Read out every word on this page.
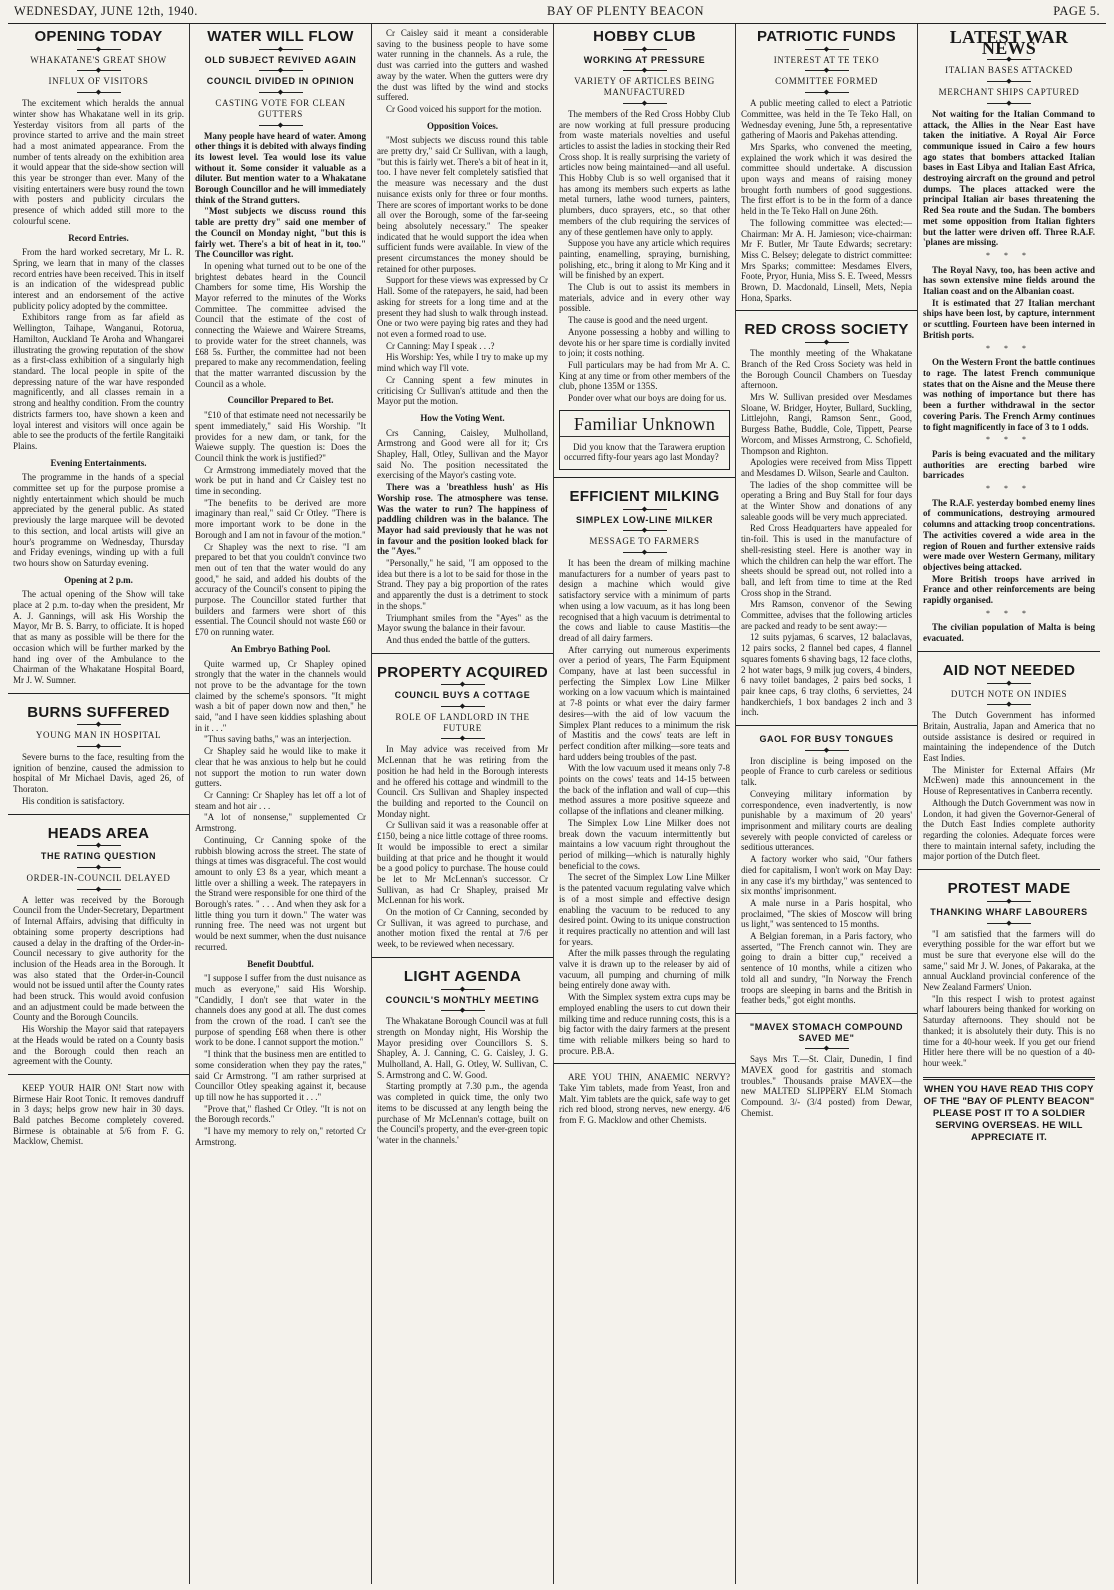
WEDNESDAY, JUNE 12th, 1940.	BAY OF PLENTY BEACON	PAGE 5.
OPENING TODAY
◆
WHAKATANE'S GREAT SHOW
◆
INFLUX OF VISITORS
◆

The excitement which heralds the annual winter show has Whakatane well in its grip. Yesterday visitors from all parts of the province started to arrive and the main street had a most animated appearance. From the number of tents already on the exhibition area it would appear that the side-show section will this year be stronger than ever. Many of the visiting entertainers were busy round the town with posters and publicity circulars the presence of which added still more to the colourful scene.

Record Entries.

From the hard worked secretary, Mr L. R. Spring, we learn that in many of the classes record entries have been received. This in itself is an indication of the widespread public interest and an endorsement of the active publicity policy adopted by the committee.

Exhibitors range from as far afield as Wellington, Taihape, Wanganui, Rotorua, Hamilton, Auckland Te Aroha and Whangarei illustrating the growing reputation of the show as a first-class exhibition of a singularly high standard. The local people in spite of the depressing nature of the war have responded magnificently, and all classes remain in a strong and healthy condition. From the country districts farmers too, have shown a keen and loyal interest and visitors will once again be able to see the products of the fertile Rangitaiki Plains.

Evening Entertainments.

The programme in the hands of a special committee set up for the purpose promise a nightly entertainment which should be much appreciated by the general public. As stated previously the large marquee will be devoted to this section, and local artists will give an hour's programme on Wednesday, Thursday and Friday evenings, winding up with a full two hours show on Saturday evening.

Opening at 2 p.m.

The actual opening of the Show will take place at 2 p.m. to-day when the president, Mr A. J. Gannings, will ask His Worship the Mayor, Mr B. S. Barry, to officiate. It is hoped that as many as possible will be there for the occasion which will be further marked by the hand ing over of the Ambulance to the Chairman of the Whakatane Hospital Board, Mr J. W. Sumner.

BURNS SUFFERED
◆
YOUNG MAN IN HOSPITAL
◆

Severe burns to the face, resulting from the ignition of benzine, caused the admission to hospital of Mr Michael Davis, aged 26, of Thoraton.

His condition is satisfactory.

HEADS AREA
◆
THE RATING QUESTION
◆
ORDER-IN-COUNCIL DELAYED
◆

A letter was received by the Borough Council from the Under-Secretary, Department of Internal Affairs, advising that difficulty in obtaining some property descriptions had caused a delay in the drafting of the Order-in-Council necessary to give authority for the inclusion of the Heads area in the Borough. It was also stated that the Order-in-Council would not be issued until after the County rates had been struck. This would avoid confusion and an adjustment could be made between the County and the Borough Councils.

His Worship the Mayor said that ratepayers at the Heads would be rated on a County basis and the Borough could then reach an agreement with the County.

KEEP YOUR HAIR ON! Start now with Birmese Hair Root Tonic. It removes dandruff in 3 days; helps grow new hair in 30 days. Bald patches Become completely covered. Birmese is obtainable at 5/6 from F. G. Macklow, Chemist.

WATER WILL FLOW
◆
OLD SUBJECT REVIVED AGAIN
◆
COUNCIL DIVIDED IN OPINION
◆
CASTING VOTE FOR CLEAN GUTTERS
◆

Many people have heard of water. Among other things it is debited with always finding its lowest level. Tea would lose its value without it. Some consider it valuable as a diluter. But mention water to a Whakatane Borough Councillor and he will immediately think of the Strand gutters.

"Most subjects we discuss round this table are pretty dry" said one member of the Council on Monday night, "but this is fairly wet. There's a bit of heat in it, too." The Councillor was right.

In opening what turned out to be one of the brightest debates heard in the Council Chambers for some time, His Worship the Mayor referred to the minutes of the Works Committee. The committee advised the Council that the estimate of the cost of connecting the Waiewe and Wairere Streams, to provide water for the street channels, was £68 5s. Further, the committee had not been prepared to make any recommendation, feeling that the matter warranted discussion by the Council as a whole.

Councillor Prepared to Bet.

"£10 of that estimate need not necessarily be spent immediately," said His Worship. "It provides for a new dam, or tank, for the Waiewe supply. The question is: Does the Council think the work is justified?"

Cr Armstrong immediately moved that the work be put in hand and Cr Caisley test no time in seconding.

"The benefits to be derived are more imaginary than real," said Cr Otley. "There is more important work to be done in the Borough and I am not in favour of the motion."

Cr Shapley was the next to rise. "I am prepared to bet that you couldn't convince two men out of ten that the water would do any good," he said, and added his doubts of the accuracy of the Council's consent to piping the purpose. The Councillor stated further that builders and farmers were short of this essential. The Council should not waste £60 or £70 on running water.

An Embryo Bathing Pool.

Quite warmed up, Cr Shapley opined strongly that the water in the channels would not prove to be the advantage for the town claimed by the scheme's sponsors. "It might wash a bit of paper down now and then," he said, "and I have seen kiddies splashing about in it . . ."

"Thus saving baths," was an interjection.

Cr Shapley said he would like to make it clear that he was anxious to help but he could not support the motion to run water down gutters.

Cr Canning: Cr Shapley has let off a lot of steam and hot air . . .

"A lot of nonsense," supplemented Cr Armstrong.

Continuing, Cr Canning spoke of the rubbish blowing across the street. The state of things at times was disgraceful. The cost would amount to only £3 8s a year, which meant a little over a shilling a week. The ratepayers in the Strand were responsible for one third of the Borough's rates. " . . . And when they ask for a little thing you turn it down." The water was running free. The need was not urgent but would be next summer, when the dust nuisance recurred.

Benefit Doubtful.

"I suppose I suffer from the dust nuisance as much as everyone," said His Worship. "Candidly, I don't see that water in the channels does any good at all. The dust comes from the crown of the road. I can't see the purpose of spending £68 when there is other work to be done. I cannot support the motion."

"I think that the business men are entitled to some consideration when they pay the rates," said Cr Armstrong. "I am rather surprised at Councillor Otley speaking against it, because up till now he has supported it . . ."

"Prove that," flashed Cr Otley. "It is not on the Borough records."

"I have my memory to rely on," retorted Cr Armstrong.

Cr Caisley said it meant a considerable saving to the business people to have some water running in the channels. As a rule, the dust was carried into the gutters and washed away by the water. When the gutters were dry the dust was lifted by the wind and stocks suffered.

Cr Good voiced his support for the motion.

Opposition Voices.

"Most subjects we discuss round this table are pretty dry," said Cr Sullivan, with a laugh, "but this is fairly wet. There's a bit of heat in it, too. I have never felt completely satisfied that the measure was necessary and the dust nuisance exists only for three or four months. There are scores of important works to be done all over the Borough, some of the far-seeing being absolutely necessary." The speaker indicated that he would support the idea when sufficient funds were available. In view of the present circumstances the money should be retained for other purposes.

Support for these views was expressed by Cr Hall. Some of the ratepayers, he said, had been asking for streets for a long time and at the present they had slush to walk through instead. One or two were paying big rates and they had not even a formed road to use.

Cr Canning: May I speak . . .?

His Worship: Yes, while I try to make up my mind which way I'll vote.

Cr Canning spent a few minutes in criticising Cr Sullivan's attitude and then the Mayor put the motion.

How the Voting Went.

Crs Canning, Caisley, Mulholland, Armstrong and Good were all for it; Crs Shapley, Hall, Otley, Sullivan and the Mayor said No. The position necessitated the exercising of the Mayor's casting vote.

There was a 'breathless hush' as His Worship rose. The atmosphere was tense. Was the water to run? The happiness of paddling children was in the balance. The Mayor had said previously that he was not in favour and the position looked black for the "Ayes."

"Personally," he said, "I am opposed to the idea but there is a lot to be said for those in the Strand. They pay a big proportion of the rates and apparently the dust is a detriment to stock in the shops."

Triumphant smiles from the "Ayes" as the Mayor swung the balance in their favour.

And thus ended the battle of the gutters.

PROPERTY ACQUIRED
◆
COUNCIL BUYS A COTTAGE
◆
ROLE OF LANDLORD IN THE FUTURE
◆

In May advice was received from Mr McLennan that he was retiring from the position he had held in the Borough interests and he offered his cottage and windmill to the Council. Crs Sullivan and Shapley inspected the building and reported to the Council on Monday night.

Cr Sullivan said it was a reasonable offer at £150, being a nice little cottage of three rooms. It would be impossible to erect a similar building at that price and he thought it would be a good policy to purchase. The house could be let to Mr McLennan's successor. Cr Sullivan, as had Cr Shapley, praised Mr McLennan for his work.

On the motion of Cr Canning, seconded by Cr Sullivan, it was agreed to purchase, and another motion fixed the rental at 7/6 per week, to be reviewed when necessary.

LIGHT AGENDA
◆
COUNCIL'S MONTHLY MEETING
◆

The Whakatane Borough Council was at full strength on Monday night, His Worship the Mayor presiding over Councillors S. S. Shapley, A. J. Canning, C. G. Caisley, J. G. Mulholland, A. Hall, G. Otley, W. Sullivan, C. S. Armstrong and C. W. Good.

Starting promptly at 7.30 p.m., the agenda was completed in quick time, the only two items to be discussed at any length being the purchase of Mr McLennan's cottage, built on the Council's property, and the ever-green topic 'water in the channels.'

HOBBY CLUB
◆
WORKING AT PRESSURE
◆
VARIETY OF ARTICLES BEING MANUFACTURED
◆

The members of the Red Cross Hobby Club are now working at full pressure producing from waste materials novelties and useful articles to assist the ladies in stocking their Red Cross shop. It is really surprising the variety of articles now being maintained—and all useful. This Hobby Club is so well organised that it has among its members such experts as lathe metal turners, lathe wood turners, painters, plumbers, duco sprayers, etc., so that other members of the club requiring the services of any of these gentlemen have only to apply.

Suppose you have any article which requires painting, enamelling, spraying, burnishing, polishing, etc., bring it along to Mr King and it will be finished by an expert.

The Club is out to assist its members in materials, advice and in every other way possible.

The cause is good and the need urgent.

Anyone possessing a hobby and willing to devote his or her spare time is cordially invited to join; it costs nothing.

Full particulars may be had from Mr A. C. King at any time or from other members of the club, phone 135M or 135S.

Ponder over what our boys are doing for us.

Familiar Unknown

Did you know that the Tarawera eruption occurred fifty-four years ago last Monday?

EFFICIENT MILKING
◆
SIMPLEX LOW-LINE MILKER
◆
MESSAGE TO FARMERS
◆

It has been the dream of milking machine manufacturers for a number of years past to design a machine which would give satisfactory service with a minimum of parts when using a low vacuum, as it has long been recognised that a high vacuum is detrimental to the cows and liable to cause Mastitis—the dread of all dairy farmers.

After carrying out numerous experiments over a period of years, The Farm Equipment Company, have at last been successful in perfecting the Simplex Low Line Milker working on a low vacuum which is maintained at 7-8 points or what ever the dairy farmer desires—with the aid of low vacuum the Simplex Plant reduces to a minimum the risk of Mastitis and the cows' teats are left in perfect condition after milking—sore teats and hard udders being troubles of the past.

With the low vacuum used it means only 7-8 points on the cows' teats and 14-15 between the back of the inflation and wall of cup—this method assures a more positive squeeze and collapse of the inflations and cleaner milking.

The Simplex Low Line Milker does not break down the vacuum intermittently but maintains a low vacuum right throughout the period of milking—which is naturally highly beneficial to the cows.

The secret of the Simplex Low Line Milker is the patented vacuum regulating valve which is of a most simple and effective design enabling the vacuum to be reduced to any desired point. Owing to its unique construction it requires practically no attention and will last for years.

After the milk passes through the regulating valve it is drawn up to the releaser by aid of vacuum, all pumping and churning of milk being entirely done away with.

With the Simplex system extra cups may be employed enabling the users to cut down their milking time and reduce running costs, this is a big factor with the dairy farmers at the present time with reliable milkers being so hard to procure. P.B.A.

ARE YOU THIN, ANAEMIC NERVY? Take Yim tablets, made from Yeast, Iron and Malt. Yim tablets are the quick, safe way to get rich red blood, strong nerves, new energy. 4/6 from F. G. Macklow and other Chemists.

PATRIOTIC FUNDS
◆
INTEREST AT TE TEKO
◆
COMMITTEE FORMED
◆

A public meeting called to elect a Patriotic Committee, was held in the Te Teko Hall, on Wednesday evening, June 5th, a representative gathering of Maoris and Pakehas attending.

Mrs Sparks, who convened the meeting, explained the work which it was desired the committee should undertake. A discussion upon ways and means of raising money brought forth numbers of good suggestions. The first effort is to be in the form of a dance held in the Te Teko Hall on June 26th.

The following committee was elected:—Chairman: Mr A. H. Jamieson; vice-chairman: Mr F. Butler, Mr Taute Edwards; secretary: Miss C. Belsey; delegate to district committee: Mrs Sparks; committee: Mesdames Elvers, Foote, Pryor, Hunia, Miss S. E. Tweed, Messrs Brown, D. Macdonald, Linsell, Mets, Nepia Hona, Sparks.

RED CROSS SOCIETY
◆

The monthly meeting of the Whakatane Branch of the Red Cross Society was held in the Borough Council Chambers on Tuesday afternoon.

Mrs W. Sullivan presided over Mesdames Sloane, W. Bridger, Hoyter, Bullard, Suckling, Littlejohn, Rangi, Ramson Senr., Good, Burgess Bathe, Buddle, Cole, Tippett, Pearse Worcom, and Misses Armstrong, C. Schofield, Thompson and Righton.

Apologies were received from Miss Tippett and Mesdames D. Wilson, Searle and Caulton.

The ladies of the shop committee will be operating a Bring and Buy Stall for four days at the Winter Show and donations of any saleable goods will be very much appreciated.

Red Cross Headquarters have appealed for tin-foil. This is used in the manufacture of shell-resisting steel. Here is another way in which the children can help the war effort. The sheets should be spread out, not rolled into a ball, and left from time to time at the Red Cross shop in the Strand.

Mrs Ramson, convenor of the Sewing Committee, advises that the following articles are packed and ready to be sent away:—

12 suits pyjamas, 6 scarves, 12 balaclavas, 12 pairs socks, 2 flannel bed capes, 4 flannel squares foments 6 shaving bags, 12 face cloths, 2 hot water bags, 9 milk jug covers, 4 binders, 6 navy toilet bandages, 2 pairs bed socks, 1 pair knee caps, 6 tray cloths, 6 serviettes, 24 handkerchiefs, 1 box bandages 2 inch and 3 inch.

GAOL FOR BUSY TONGUES
◆

Iron discipline is being imposed on the people of France to curb careless or seditious talk.

Conveying military information by correspondence, even inadvertently, is now punishable by a maximum of 20 years' imprisonment and military courts are dealing severely with people convicted of careless or seditious utterances.

A factory worker who said, "Our fathers died for capitalism, I won't work on May Day: in any case it's my birthday," was sentenced to six months' imprisonment.

A male nurse in a Paris hospital, who proclaimed, "The skies of Moscow will bring us light," was sentenced to 15 months.

A Belgian foreman, in a Paris factory, who asserted, "The French cannot win. They are going to drain a bitter cup," received a sentence of 10 months, while a citizen who told all and sundry, "In Norway the French troops are sleeping in barns and the British in feather beds," got eight months.

"MAVEX STOMACH COMPOUND SAVED ME"
◆

Says Mrs T.—St. Clair, Dunedin, I find MAVEX good for gastritis and stomach troubles." Thousands praise MAVEX—the new MALTED SLIPPERY ELM Stomach Compound. 3/- (3/4 posted) from Dewar, Chemist.

LATEST WAR NEWS
◆
ITALIAN BASES ATTACKED
◆
MERCHANT SHIPS CAPTURED
◆

Not waiting for the Italian Command to attack, the Allies in the Near East have taken the initiative. A Royal Air Force communique issued in Cairo a few hours ago states that bombers attacked Italian bases in East Libya and Italian East Africa, destroying aircraft on the ground and petrol dumps. The places attacked were the principal Italian air bases threatening the Red Sea route and the Sudan. The bombers met some opposition from Italian fighters but the latter were driven off. Three R.A.F. 'planes are missing.

* * *

The Royal Navy, too, has been active and has sown extensive mine fields around the Italian coast and on the Albanian coast.

It is estimated that 27 Italian merchant ships have been lost, by capture, internment or scuttling. Fourteen have been interned in British ports.

* * *

On the Western Front the battle continues to rage. The latest French communique states that on the Aisne and the Meuse there was nothing of importance but there has been a further withdrawal in the sector covering Paris. The French Army continues to fight magnificently in face of 3 to 1 odds.

* * *

Paris is being evacuated and the military authorities are erecting barbed wire barricades

* * *

The R.A.F. yesterday bombed enemy lines of communications, destroying armoured columns and attacking troop concentrations. The activities covered a wide area in the region of Rouen and further extensive raids were made over Western Germany, military objectives being attacked.

More British troops have arrived in France and other reinforcements are being rapidly organised.

* * *

The civilian population of Malta is being evacuated.

AID NOT NEEDED
◆
DUTCH NOTE ON INDIES
◆

The Dutch Government has informed Britain, Australia, Japan and America that no outside assistance is desired or required in maintaining the independence of the Dutch East Indies.

The Minister for External Affairs (Mr McEwen) made this announcement in the House of Representatives in Canberra recently.

Although the Dutch Government was now in London, it had given the Governor-General of the Dutch East Indies complete authority regarding the colonies. Adequate forces were there to maintain internal safety, including the major portion of the Dutch fleet.

PROTEST MADE
◆
THANKING WHARF LABOURERS
◆

"I am satisfied that the farmers will do everything possible for the war effort but we must be sure that everyone else will do the same," said Mr J. W. Jones, of Pakaraka, at the annual Auckland provincial conference of the New Zealand Farmers' Union.

"In this respect I wish to protest against wharf labourers being thanked for working on Saturday afternoons. They should not be thanked; it is absolutely their duty. This is no time for a 40-hour week. If you get our friend Hitler here there will be no question of a 40-hour week."

WHEN YOU HAVE READ THIS COPY OF THE "BAY OF PLENTY BEACON" PLEASE POST IT TO A SOLDIER SERVING OVERSEAS. HE WILL APPRECIATE IT.
